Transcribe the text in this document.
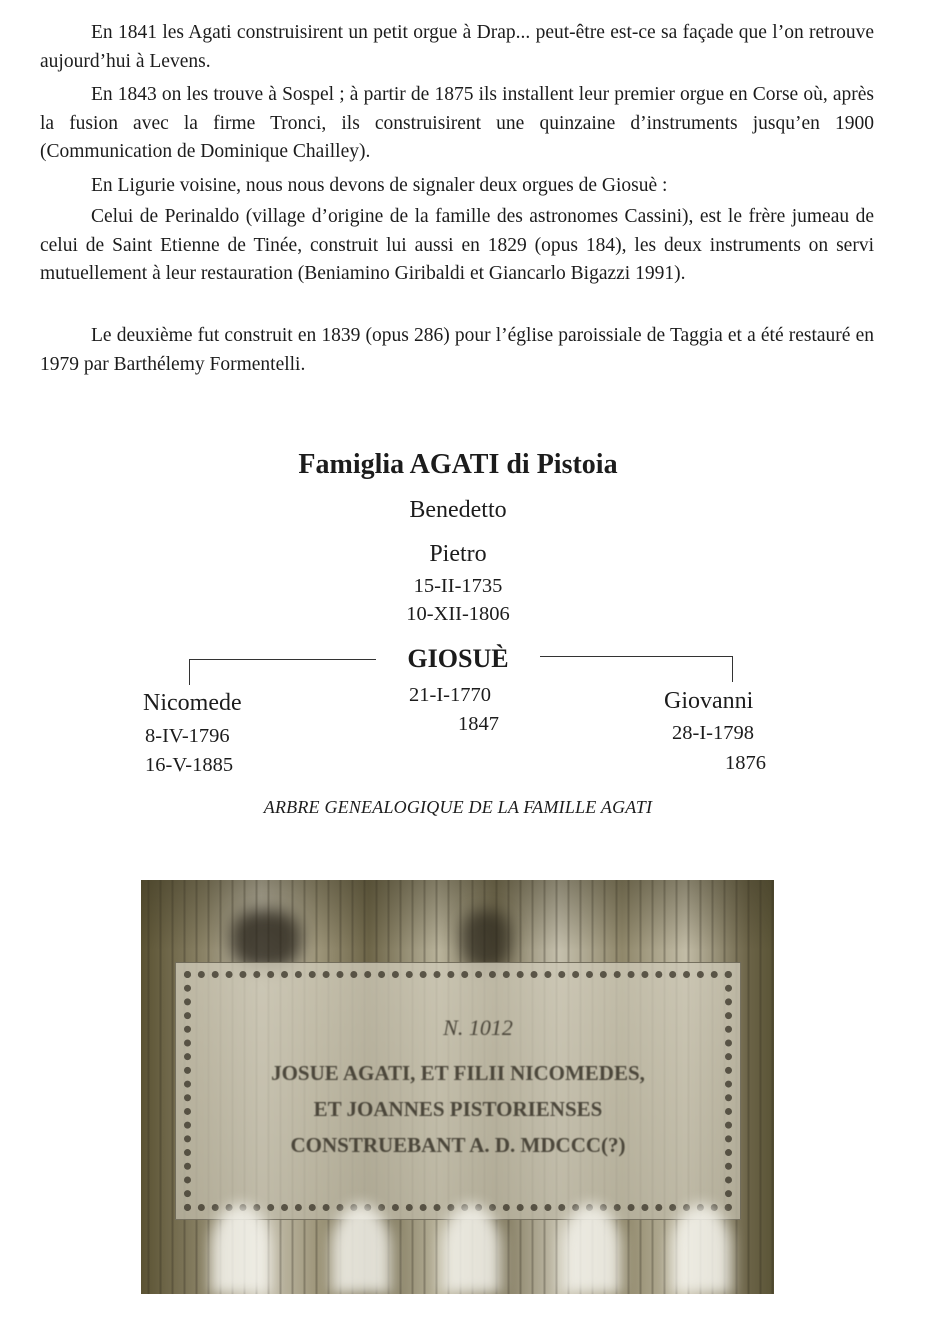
En 1841 les Agati construisirent un petit orgue à Drap... peut-être est-ce sa façade que l’on retrouve aujourd’hui à Levens.

En 1843 on les trouve à Sospel ; à partir de 1875 ils installent leur premier orgue en Corse où, après la fusion avec la firme Tronci, ils construisirent une quinzaine d’instruments jusqu’en 1900 (Communication de Dominique Chailley).

En Ligurie voisine, nous nous devons de signaler deux orgues de Giosuè :

Celui de Perinaldo (village d’origine de la famille des astronomes Cassini), est le frère jumeau de celui de Saint Etienne de Tinée, construit lui aussi en 1829 (opus 184), les deux instruments on servi mutuellement à leur restauration (Beniamino Giribaldi et Giancarlo Bigazzi 1991).

Le deuxième fut construit en 1839 (opus 286) pour l’église paroissiale de Taggia et a été restauré en 1979 par Barthélemy Formentelli.

Famiglia AGATI di Pistoia
Benedetto
Pietro
15-II-1735
10-XII-1806
GIOSUÈ
21-I-1770
1847
Nicomede
8-IV-1796
16-V-1885
Giovanni
28-I-1798
1876
ARBRE GENEALOGIQUE DE LA FAMILLE AGATI
N. 1012
JOSUE AGATI, ET FILII NICOMEDES,
ET JOANNES PISTORIENSES
CONSTRUEBANT A. D. MDCCC(?)
